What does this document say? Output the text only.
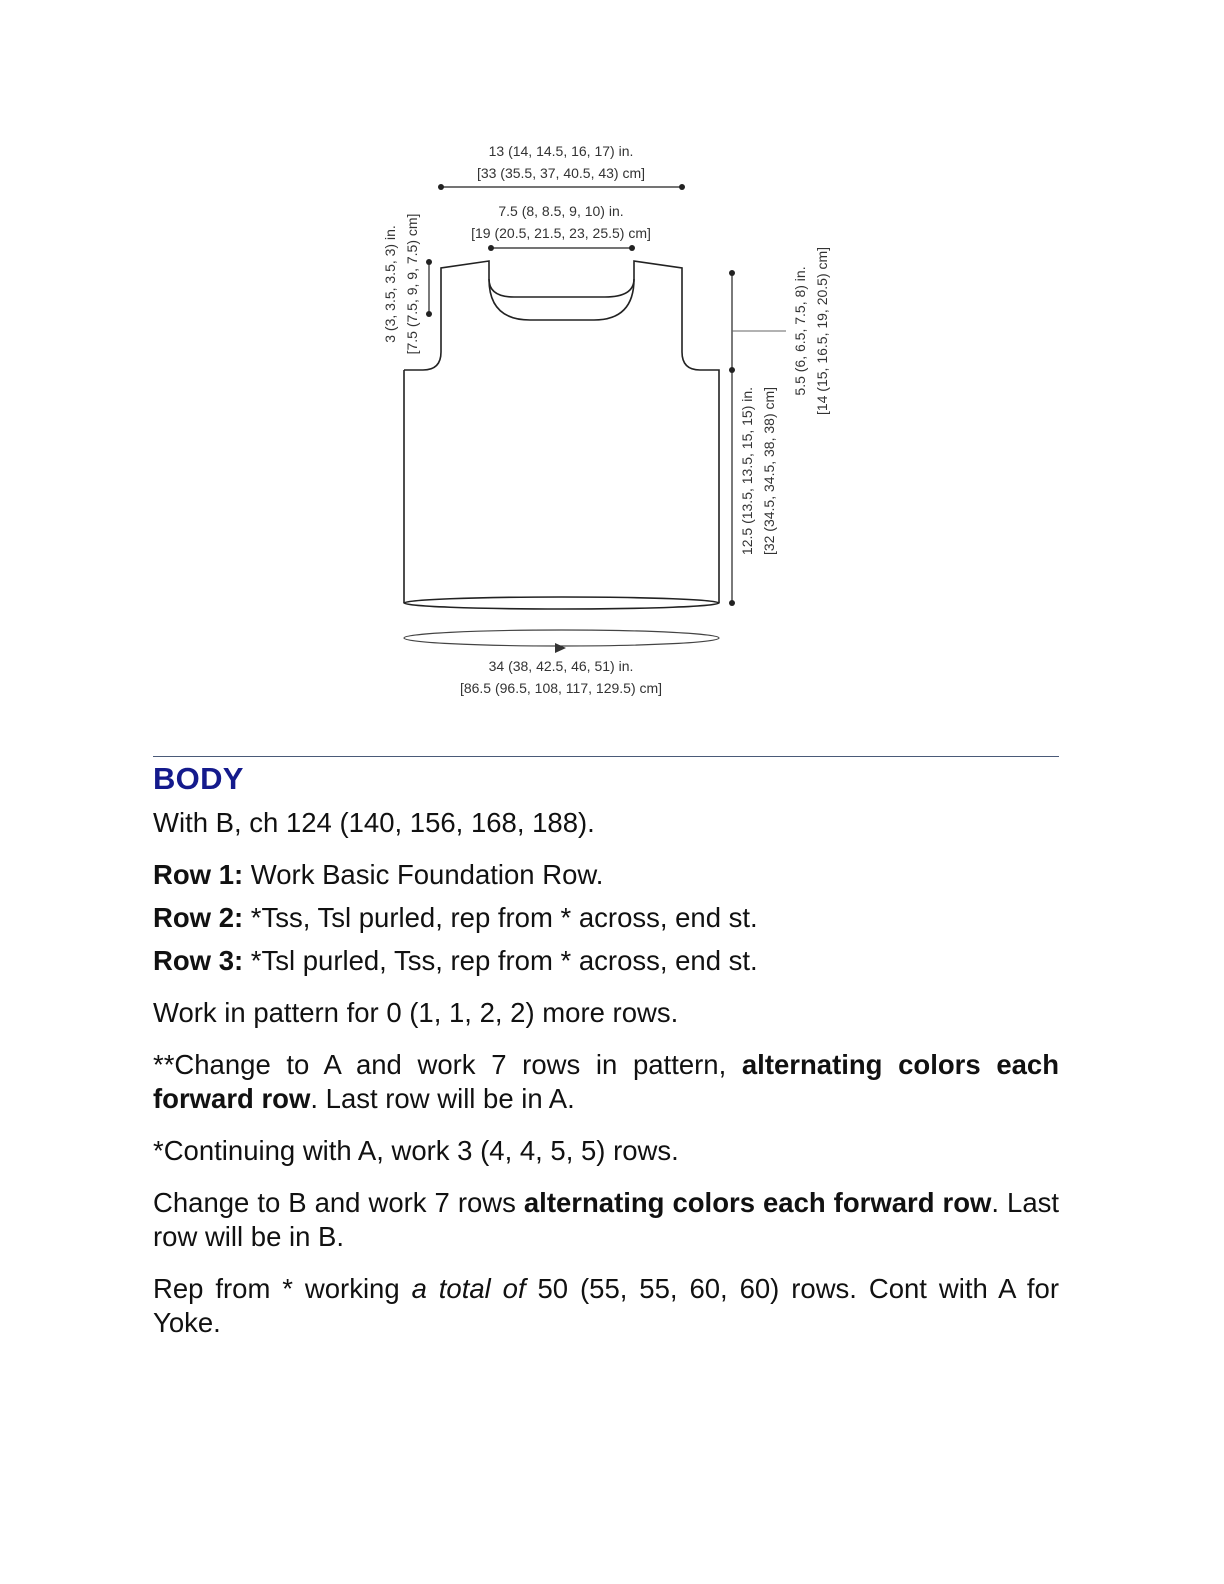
13 (14, 14.5, 16, 17) in.
[33 (35.5, 37, 40.5, 43) cm]
7.5 (8, 8.5, 9, 10) in.
[19 (20.5, 21.5, 23, 25.5) cm]
3 (3, 3.5, 3.5, 3) in. [7.5 (7.5, 9, 9, 7.5) cm]
12.5 (13.5, 13.5, 15, 15) in. [32 (34.5, 34.5, 38, 38) cm]
5.5 (6, 6.5, 7.5, 8) in. [14 (15, 16.5, 19, 20.5) cm]
34 (38, 42.5, 46, 51) in.
[86.5 (96.5, 108, 117, 129.5) cm]
BODY

With B, ch 124 (140, 156, 168, 188).

Row 1: Work Basic Foundation Row.

Row 2: *Tss, Tsl purled, rep from * across, end st.

Row 3: *Tsl purled, Tss, rep from * across, end st.

Work in pattern for 0 (1, 1, 2, 2) more rows.

**Change to A and work 7 rows in pattern, alternating colors each forward row. Last row will be in A.

*Continuing with A, work 3 (4, 4, 5, 5) rows.

Change to B and work 7 rows alternating colors each forward row. Last row will be in B.

Rep from * working a total of 50 (55, 55, 60, 60) rows. Cont with A for Yoke.
